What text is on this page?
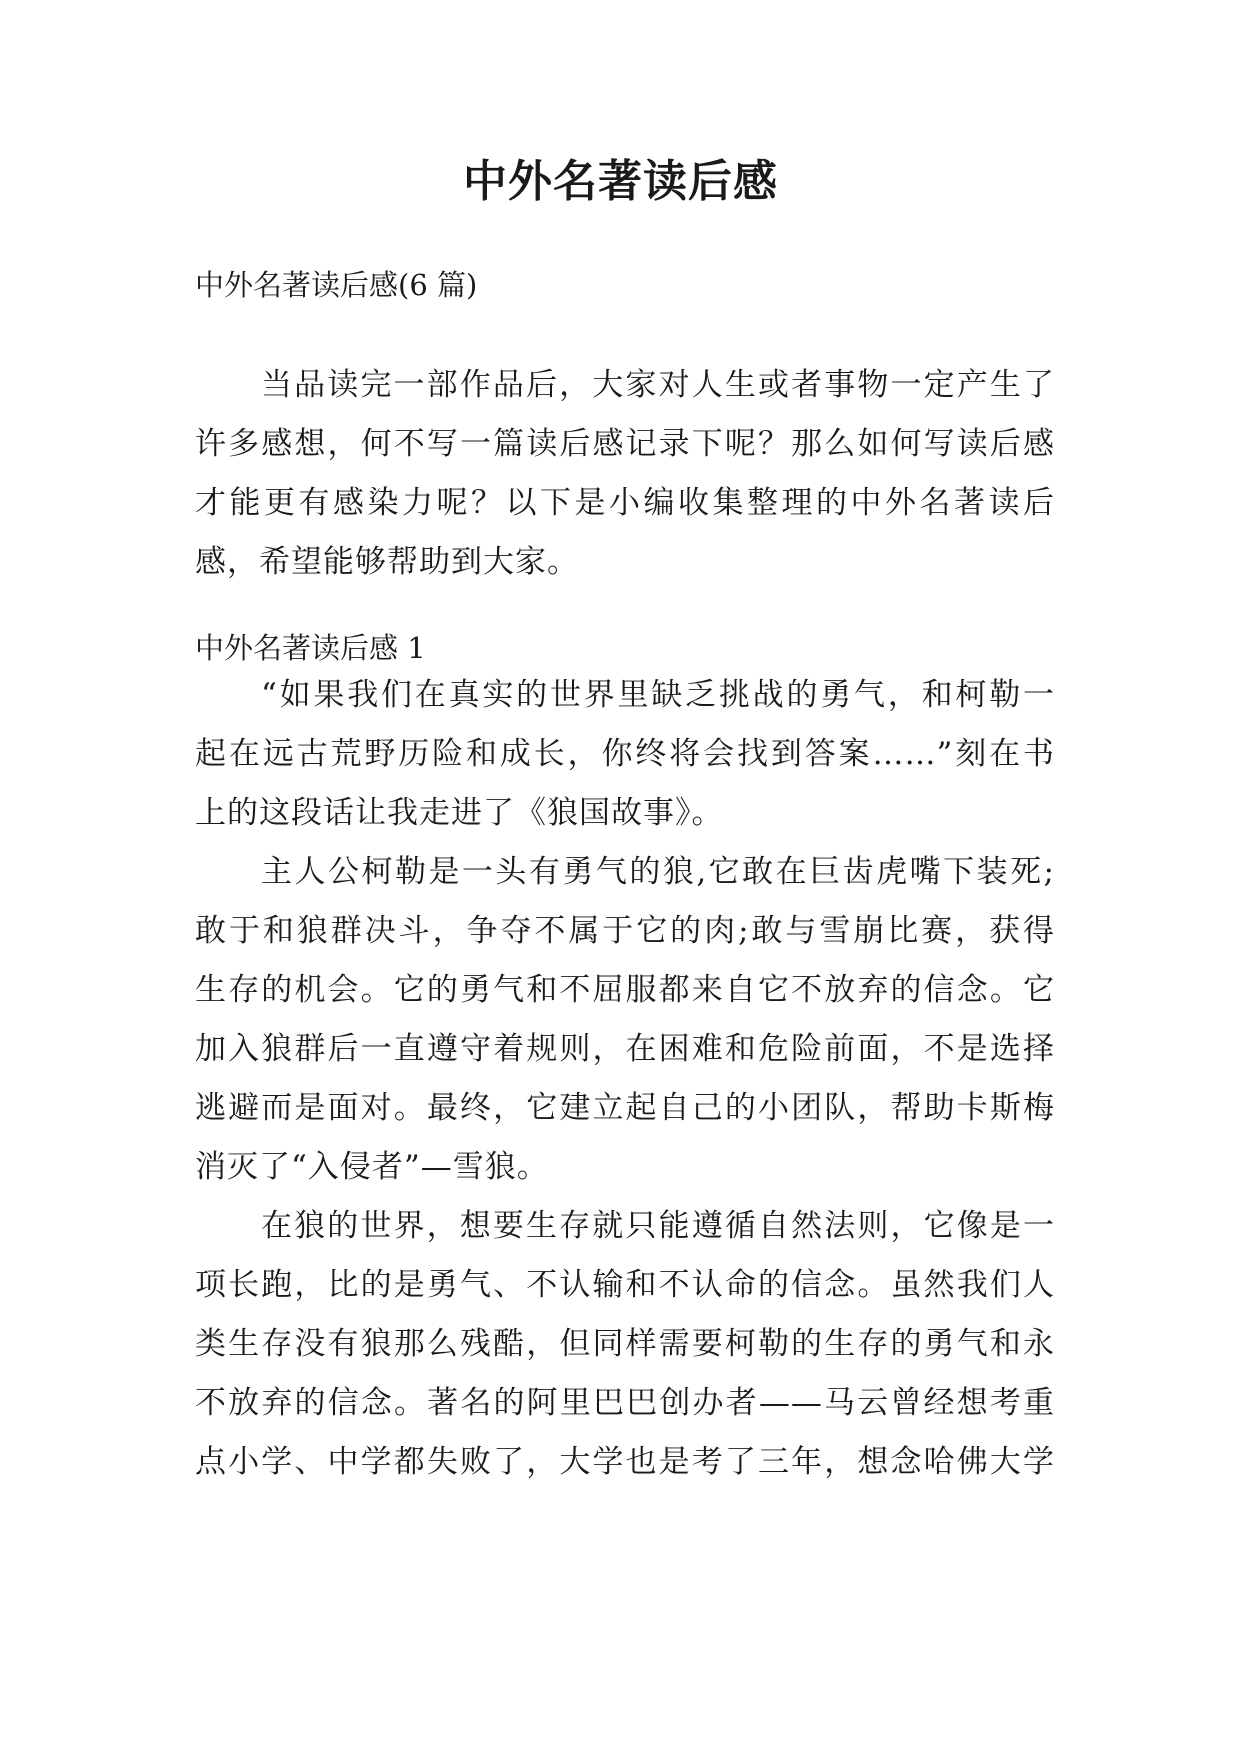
中外名著读后感
中外名著读后感(6 篇)
当品读完一部作品后，大家对人生或者事物一定产生了
许多感想，何不写一篇读后感记录下呢？那么如何写读后感
才能更有感染力呢？以下是小编收集整理的中外名著读后
感，希望能够帮助到大家。
中外名著读后感 1
“如果我们在真实的世界里缺乏挑战的勇气，和柯勒一
起在远古荒野历险和成长，你终将会找到答案……”刻在书
上的这段话让我走进了《狼国故事》。
主人公柯勒是一头有勇气的狼,它敢在巨齿虎嘴下装死;
敢于和狼群决斗，争夺不属于它的肉;敢与雪崩比赛，获得
生存的机会。它的勇气和不屈服都来自它不放弃的信念。它
加入狼群后一直遵守着规则，在困难和危险前面，不是选择
逃避而是面对。最终，它建立起自己的小团队，帮助卡斯梅
消灭了“入侵者”—雪狼。
在狼的世界，想要生存就只能遵循自然法则，它像是一
项长跑，比的是勇气、不认输和不认命的信念。虽然我们人
类生存没有狼那么残酷，但同样需要柯勒的生存的勇气和永
不放弃的信念。著名的阿里巴巴创办者——马云曾经想考重
点小学、中学都失败了，大学也是考了三年，想念哈佛大学
